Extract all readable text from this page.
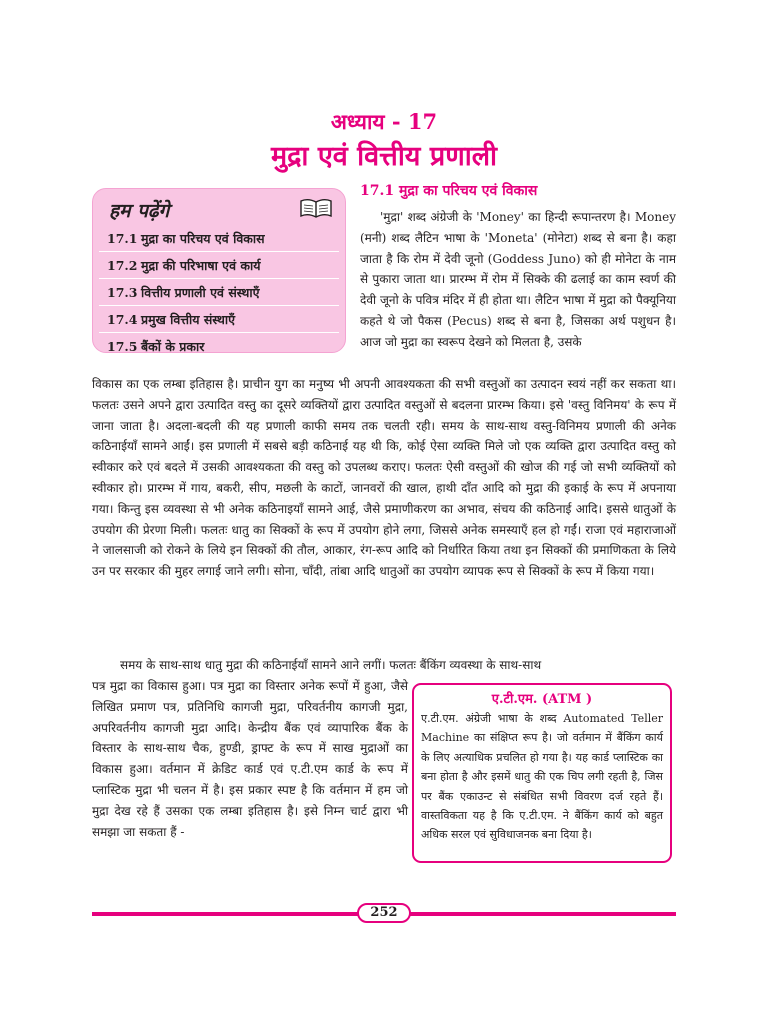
अध्याय - 17
मुद्रा एवं वित्तीय प्रणाली
हम पढ़ेंगे
17.1 मुद्रा का परिचय एवं विकास
17.2 मुद्रा की परिभाषा एवं कार्य
17.3 वित्तीय प्रणाली एवं संस्थाएँ
17.4 प्रमुख वित्तीय संस्थाएँ
17.5 बैंकों के प्रकार
17.1 मुद्रा का परिचय एवं विकास

'मुद्रा' शब्द अंग्रेजी के 'Money' का हिन्दी रूपान्तरण है। Money (मनी) शब्द लैटिन भाषा के 'Moneta' (मोनेटा) शब्द से बना है। कहा जाता है कि रोम में देवी जूनो (Goddess Juno) को ही मोनेटा के नाम से पुकारा जाता था। प्रारम्भ में रोम में सिक्के की ढलाई का काम स्वर्ण की देवी जूनो के पवित्र मंदिर में ही होता था। लैटिन भाषा में मुद्रा को पैक्यूनिया कहते थे जो पैकस (Pecus) शब्द से बना है, जिसका अर्थ पशुधन है। आज जो मुद्रा का स्वरूप देखने को मिलता है, उसके

विकास का एक लम्बा इतिहास है। प्राचीन युग का मनुष्य भी अपनी आवश्यकता की सभी वस्तुओं का उत्पादन स्वयं नहीं कर सकता था। फलतः उसने अपने द्वारा उत्पादित वस्तु का दूसरे व्यक्तियों द्वारा उत्पादित वस्तुओं से बदलना प्रारम्भ किया। इसे 'वस्तु विनिमय' के रूप में जाना जाता है। अदला-बदली की यह प्रणाली काफी समय तक चलती रही। समय के साथ-साथ वस्तु-विनिमय प्रणाली की अनेक कठिनाईयाँ सामने आईं। इस प्रणाली में सबसे बड़ी कठिनाई यह थी कि, कोई ऐसा व्यक्ति मिले जो एक व्यक्ति द्वारा उत्पादित वस्तु को स्वीकार करे एवं बदले में उसकी आवश्यकता की वस्तु को उपलब्ध कराए। फलतः ऐसी वस्तुओं की खोज की गई जो सभी व्यक्तियों को स्वीकार हो। प्रारम्भ में गाय, बकरी, सीप, मछली के काटों, जानवरों की खाल, हाथी दाँत आदि को मुद्रा की इकाई के रूप में अपनाया गया। किन्तु इस व्यवस्था से भी अनेक कठिनाइयाँ सामने आई, जैसे प्रमाणीकरण का अभाव, संचय की कठिनाई आदि। इससे धातुओं के उपयोग की प्रेरणा मिली। फलतः धातु का सिक्कों के रूप में उपयोग होने लगा, जिससे अनेक समस्याएँ हल हो गईं। राजा एवं महाराजाओं ने जालसाजी को रोकने के लिये इन सिक्कों की तौल, आकार, रंग-रूप आदि को निर्धारित किया तथा इन सिक्कों की प्रमाणिकता के लिये उन पर सरकार की मुहर लगाई जाने लगी। सोना, चाँदी, तांबा आदि धातुओं का उपयोग व्यापक रूप से सिक्कों के रूप में किया गया।

समय के साथ-साथ धातु मुद्रा की कठिनाईयाँ सामने आने लगीं। फलतः बैंकिंग व्यवस्था के साथ-साथ

पत्र मुद्रा का विकास हुआ। पत्र मुद्रा का विस्तार अनेक रूपों में हुआ, जैसे लिखित प्रमाण पत्र, प्रतिनिधि कागजी मुद्रा, परिवर्तनीय कागजी मुद्रा, अपरिवर्तनीय कागजी मुद्रा आदि। केन्द्रीय बैंक एवं व्यापारिक बैंक के विस्तार के साथ-साथ चैक, हुण्डी, ड्राफ्ट के रूप में साख मुद्राओं का विकास हुआ। वर्तमान में क्रेडिट कार्ड एवं ए.टी.एम कार्ड के रूप में प्लास्टिक मुद्रा भी चलन में है। इस प्रकार स्पष्ट है कि वर्तमान में हम जो मुद्रा देख रहे हैं उसका एक लम्बा इतिहास है। इसे निम्न चार्ट द्वारा भी समझा जा सकता हैं -

ए.टी.एम. (ATM )

ए.टी.एम. अंग्रेजी भाषा के शब्द Automated Teller Machine का संक्षिप्त रूप है। जो वर्तमान में बैंकिंग कार्य के लिए अत्याधिक प्रचलित हो गया है। यह कार्ड प्लास्टिक का बना होता है और इसमें धातु की एक चिप लगी रहती है, जिस पर बैंक एकाउन्ट से संबंधित सभी विवरण दर्ज रहते हैं। वास्तविकता यह है कि ए.टी.एम. ने बैंकिंग कार्य को बहुत अधिक सरल एवं सुविधाजनक बना दिया है।

252
